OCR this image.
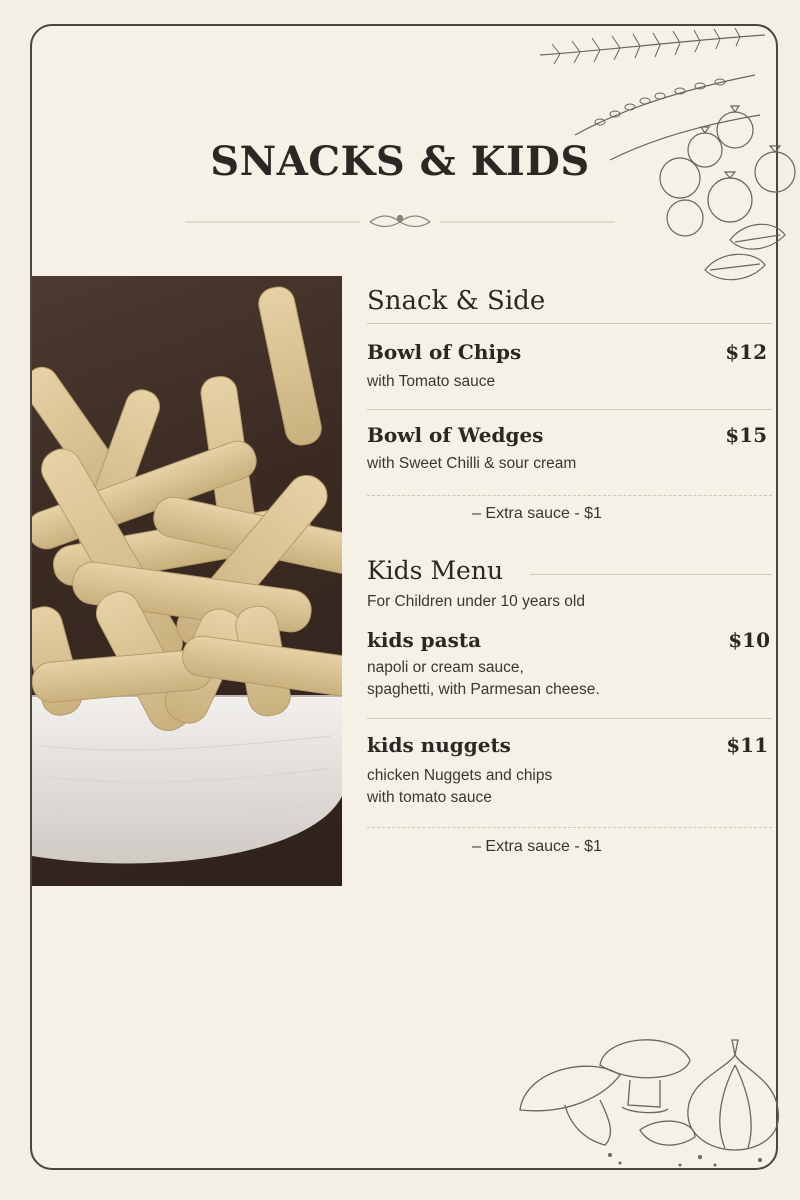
SNACKS & KIDS
Snack & Side
Bowl of Chips	$12
with Tomato sauce
Bowl of Wedges	$15
with Sweet Chilli & sour cream
– Extra sauce - $1
Kids Menu
For Children under 10 years old
kids pasta	$10
napoli or cream sauce,
spaghetti, with Parmesan cheese.
kids nuggets	$11
chicken Nuggets and chips
with tomato sauce
– Extra sauce - $1
